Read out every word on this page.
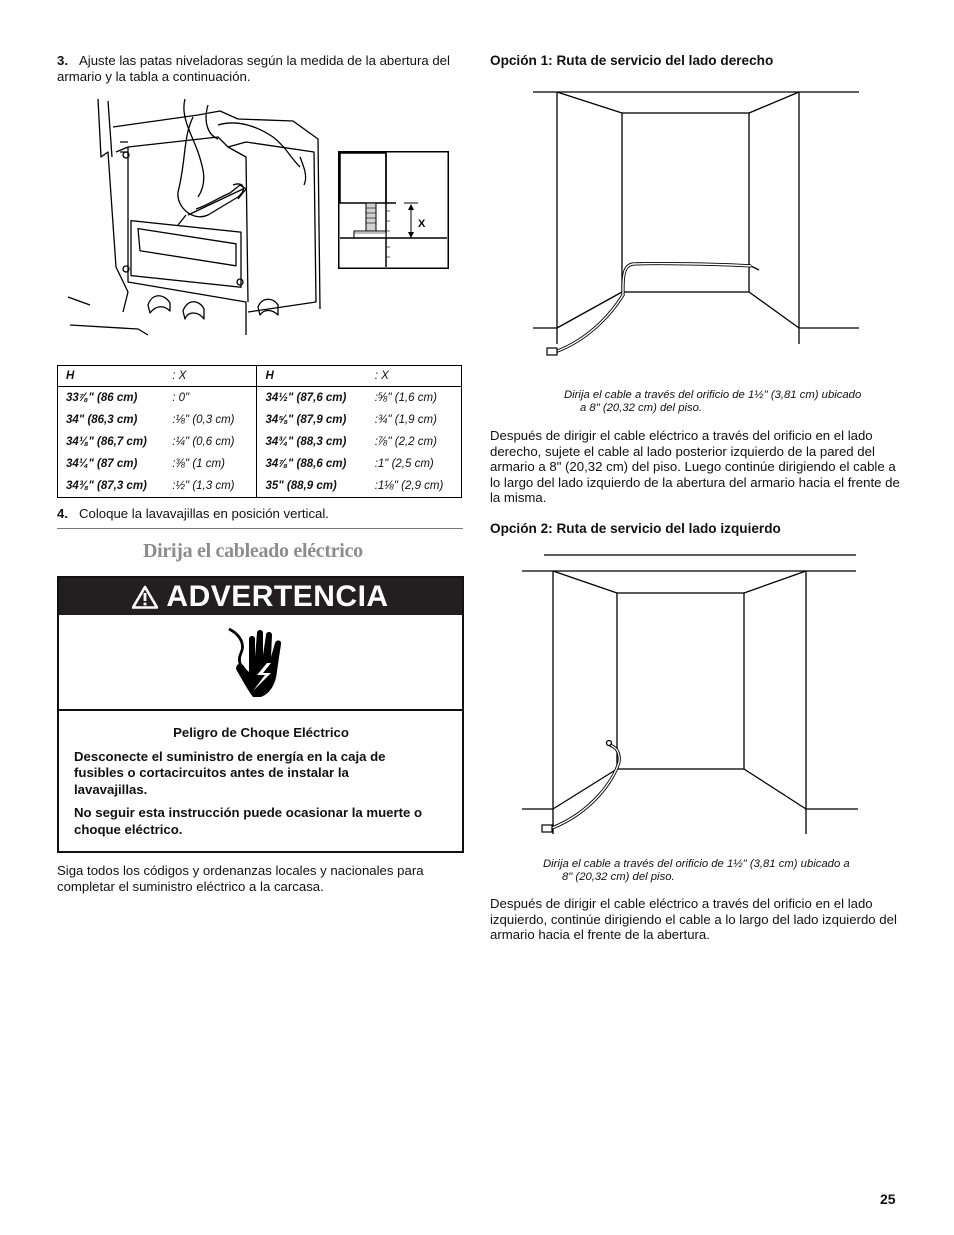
3. Ajuste las patas niveladoras según la medida de la abertura del armario y la tabla a continuación.
X
H	: X	H	: X
33⅞" (86 cm)	: 0"	34½" (87,6 cm)	:⅝" (1,6 cm)
34" (86,3 cm)	:⅛" (0,3 cm)	34⅝" (87,9 cm)	:¾" (1,9 cm)
34⅛" (86,7 cm)	:¼" (0,6 cm)	34¾" (88,3 cm)	:⅞" (2,2 cm)
34¼" (87 cm)	:⅜" (1 cm)	34⅞" (88,6 cm)	:1" (2,5 cm)
34⅜" (87,3 cm)	:½" (1,3 cm)	35" (88,9 cm)	:1⅛" (2,9 cm)
4. Coloque la lavavajillas en posición vertical.
Dirija el cableado eléctrico
ADVERTENCIA
Peligro de Choque Eléctrico
Desconecte el suministro de energía en la caja de fusibles o cortacircuitos antes de instalar la lavavajillas.
No seguir esta instrucción puede ocasionar la muerte o choque eléctrico.
Siga todos los códigos y ordenanzas locales y nacionales para completar el suministro eléctrico a la carcasa.
Opción 1: Ruta de servicio del lado derecho
Dirija el cable a través del orificio de 1½" (3,81 cm) ubicado
a 8" (20,32 cm) del piso.
Después de dirigir el cable eléctrico a través del orificio en el lado derecho, sujete el cable al lado posterior izquierdo de la pared del armario a 8" (20,32 cm) del piso. Luego continúe dirigiendo el cable a lo largo del lado izquierdo de la abertura del armario hacia el frente de la misma.
Opción 2: Ruta de servicio del lado izquierdo
Dirija el cable a través del orificio de 1½" (3,81 cm) ubicado a
8" (20,32 cm) del piso.
Después de dirigir el cable eléctrico a través del orificio en el lado izquierdo, continúe dirigiendo el cable a lo largo del lado izquierdo del armario hacia el frente de la abertura.
25
